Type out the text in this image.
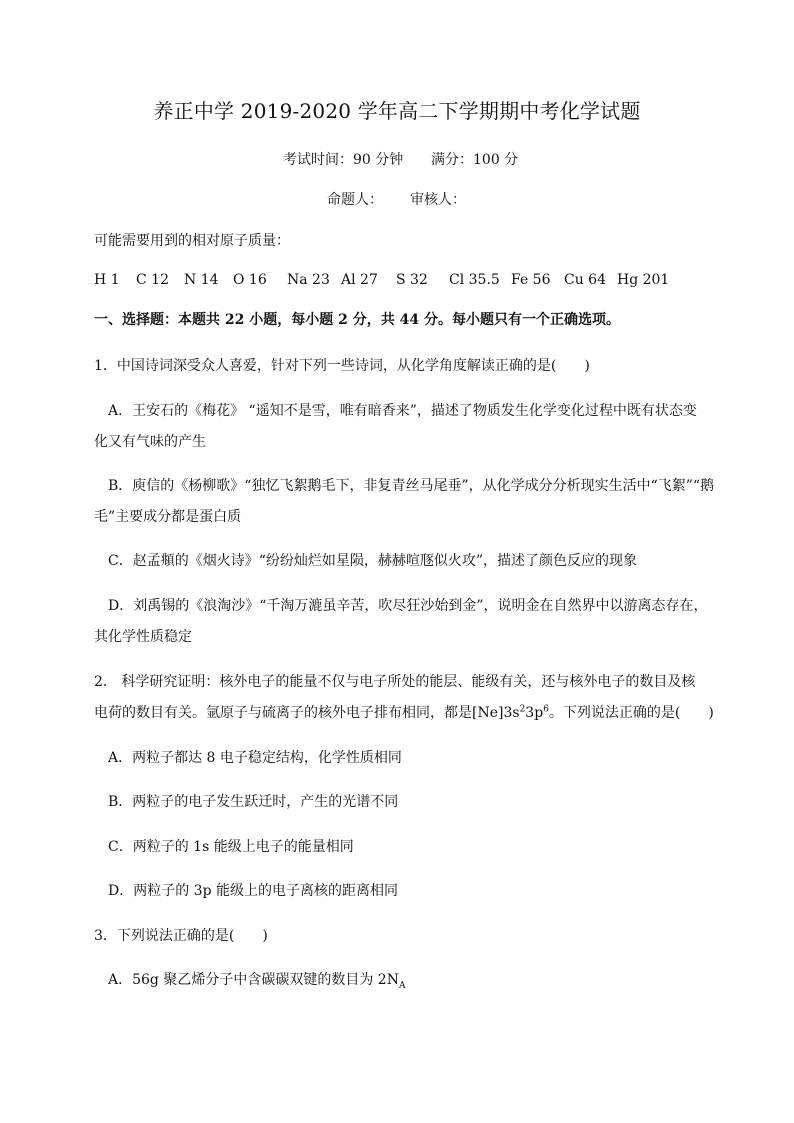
养正中学 2019-2020 学年高二下学期期中考化学试题
考试时间：90 分钟 满分：100 分
命题人： 审核人：
可能需要用到的相对原子质量：
H 1 C 12 N 14 O 16 Na 23 Al 27 S 32 Cl 35.5 Fe 56 Cu 64 Hg 201
一、选择题：本题共 22 小题，每小题 2 分，共 44 分。每小题只有一个正确选项。
1．中国诗词深受众人喜爱，针对下列一些诗词，从化学角度解读正确的是(　　)
A．王安石的《梅花》 “遥知不是雪，唯有暗香来”，描述了物质发生化学变化过程中既有状态变
化又有气味的产生
B．庾信的《杨柳歌》“独忆飞絮鹅毛下，非复青丝马尾垂”，从化学成分分析现实生活中“飞絮”“鹅
毛”主要成分都是蛋白质
C．赵孟頫的《烟火诗》“纷纷灿烂如星陨，赫赫喧豗似火攻”，描述了颜色反应的现象
D．刘禹锡的《浪淘沙》“千淘万漉虽辛苦，吹尽狂沙始到金”，说明金在自然界中以游离态存在，
其化学性质稳定
2． 科学研究证明：核外电子的能量不仅与电子所处的能层、能级有关，还与核外电子的数目及核
电荷的数目有关。氩原子与硫离子的核外电子排布相同，都是$[Ne]3s^23p^6$。下列说法正确的是(　　)
A．两粒子都达 8 电子稳定结构，化学性质相同
B．两粒子的电子发生跃迁时，产生的光谱不同
C．两粒子的 1s 能级上电子的能量相同
D．两粒子的 3p 能级上的电子离核的距离相同
3．下列说法正确的是(　　)
A．56g 聚乙烯分子中含碳碳双键的数目为 $2N_A$
